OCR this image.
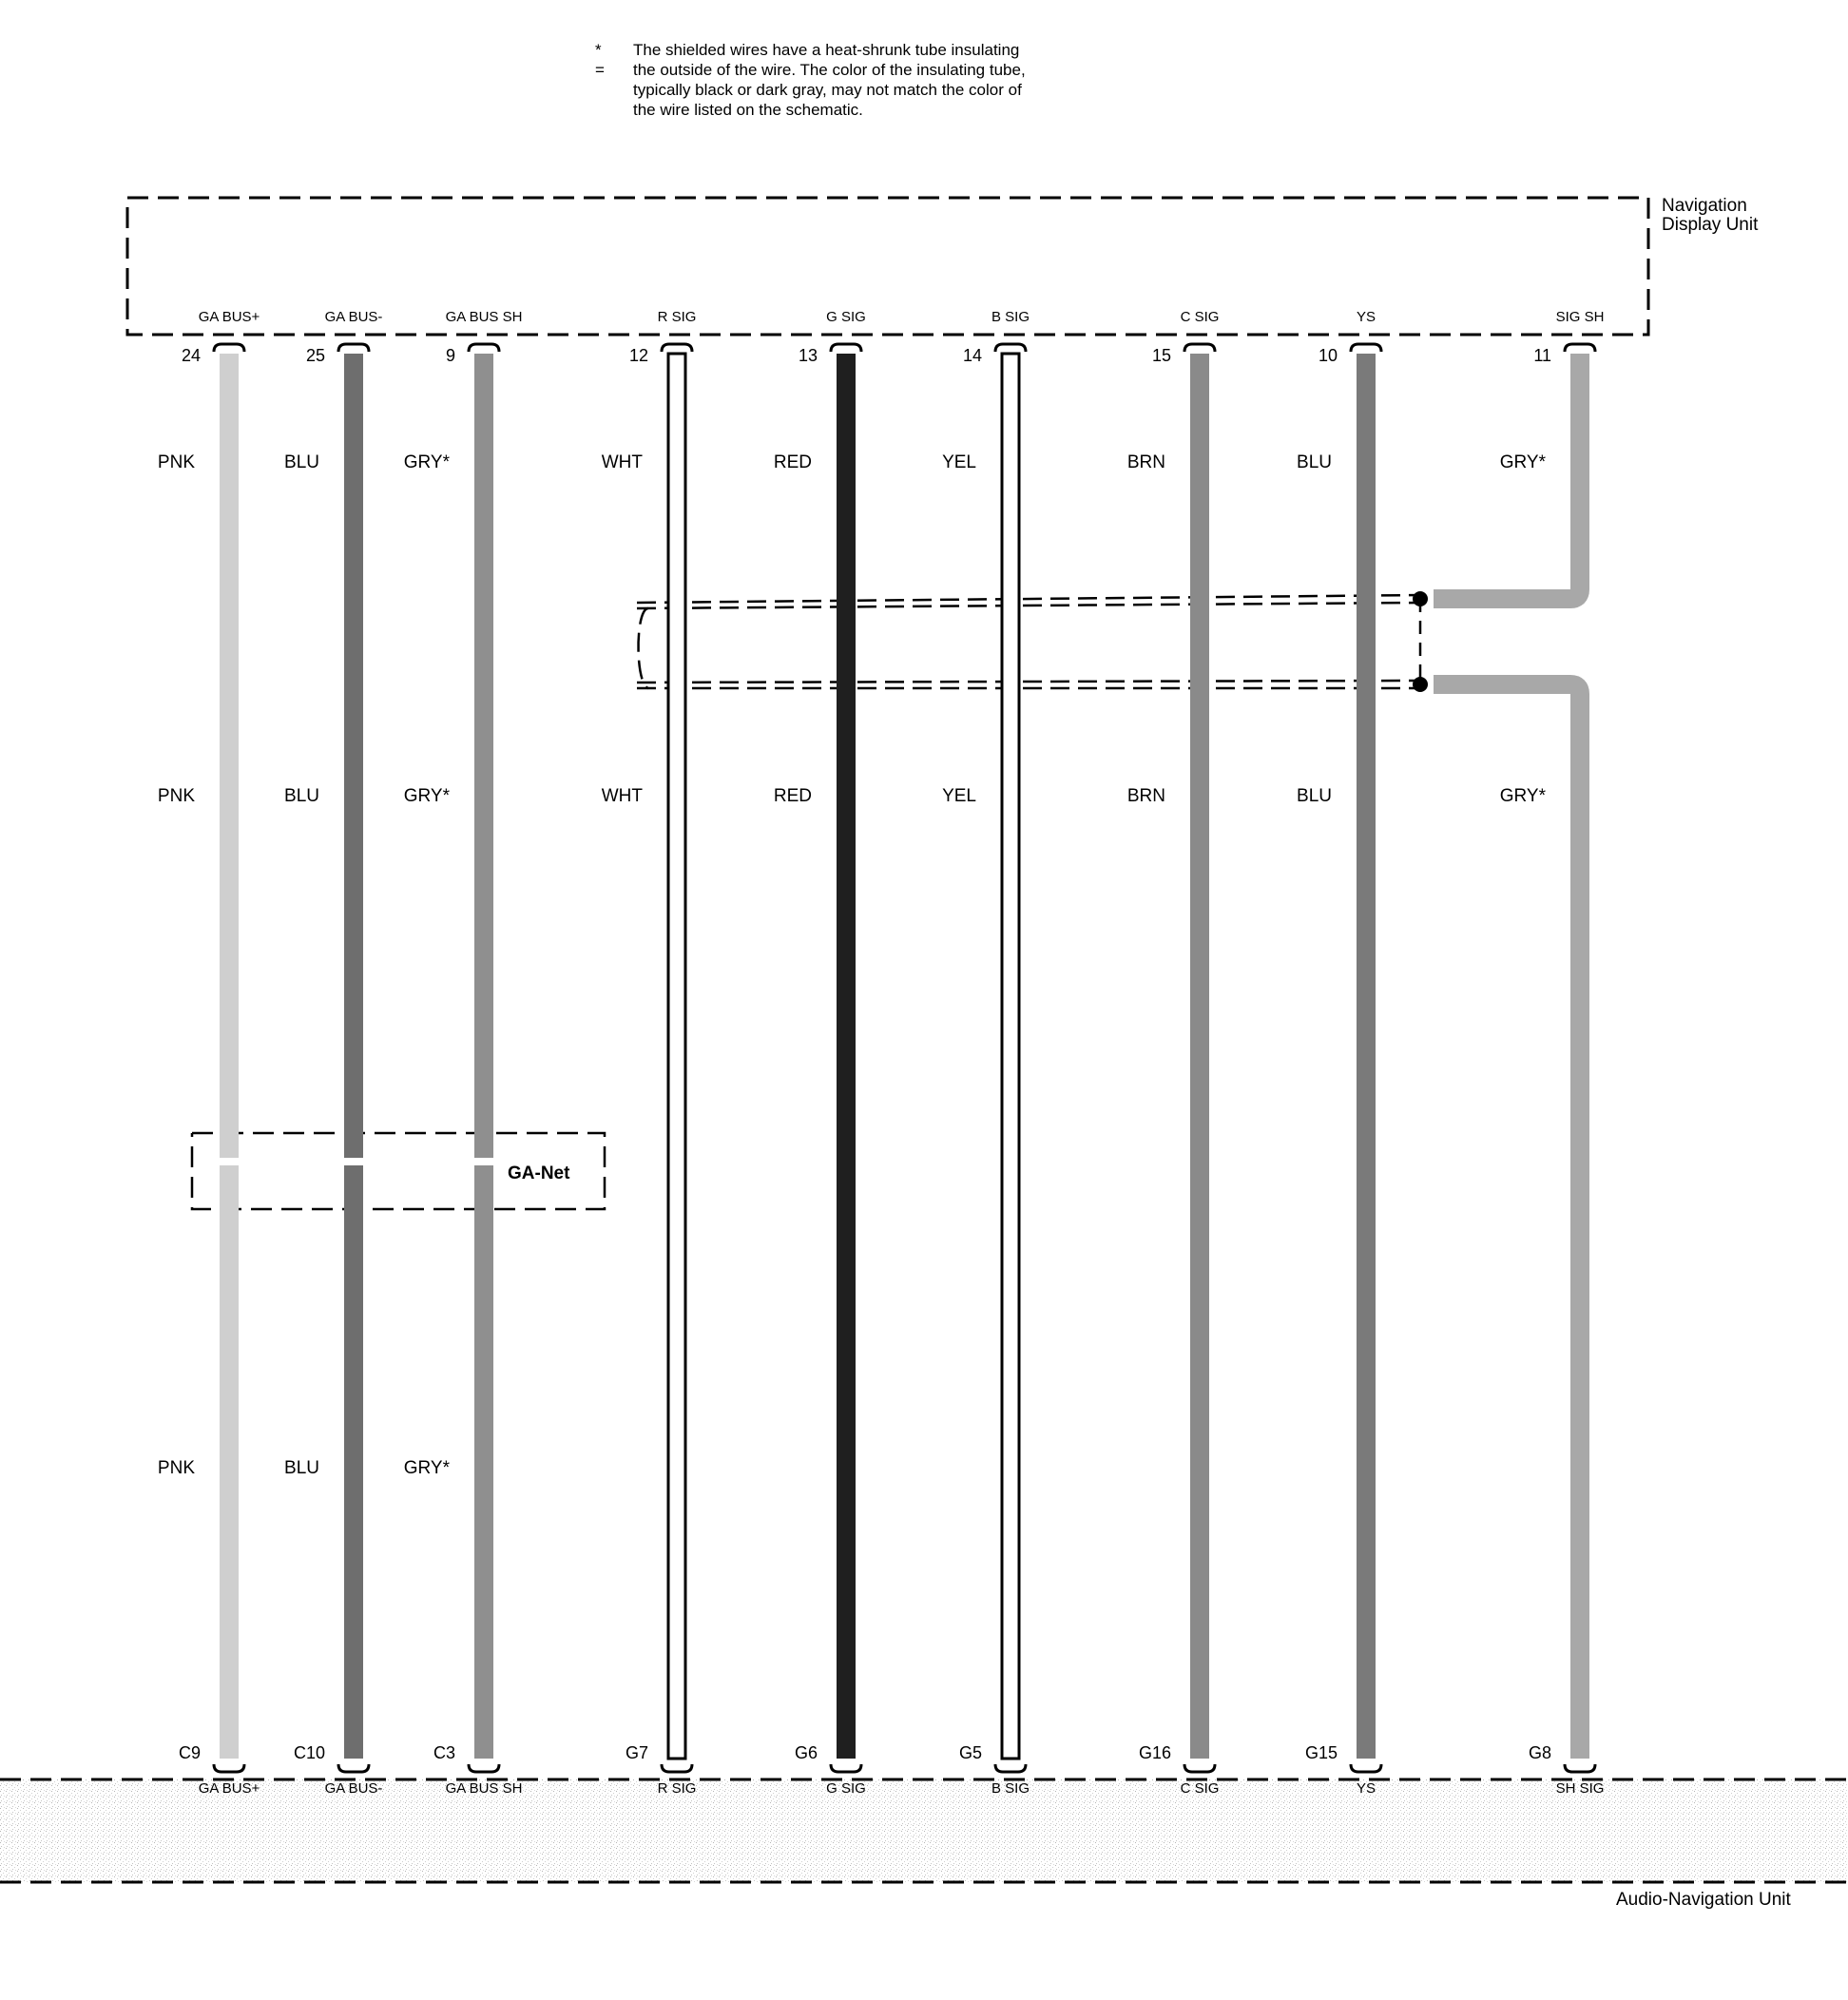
* =
The shielded wires have a heat-shrunk tube insulating
the outside of the wire. The color of the insulating tube,
typically black or dark gray, may not match the color of
the wire listed on the schematic.
Navigation
Display Unit
Audio-Navigation Unit
GA-Net
GA BUS+
24
C9
GA BUS+
PNK
PNK
PNK
GA BUS-
25
C10
GA BUS-
BLU
BLU
BLU
GA BUS SH
9
C3
GA BUS SH
GRY*
GRY*
GRY*
R SIG
12
G7
R SIG
WHT
WHT
G SIG
13
G6
G SIG
RED
RED
B SIG
14
G5
B SIG
YEL
YEL
C SIG
15
G16
C SIG
BRN
BRN
YS
10
G15
YS
BLU
BLU
SIG SH
11
G8
SH SIG
GRY*
GRY*
